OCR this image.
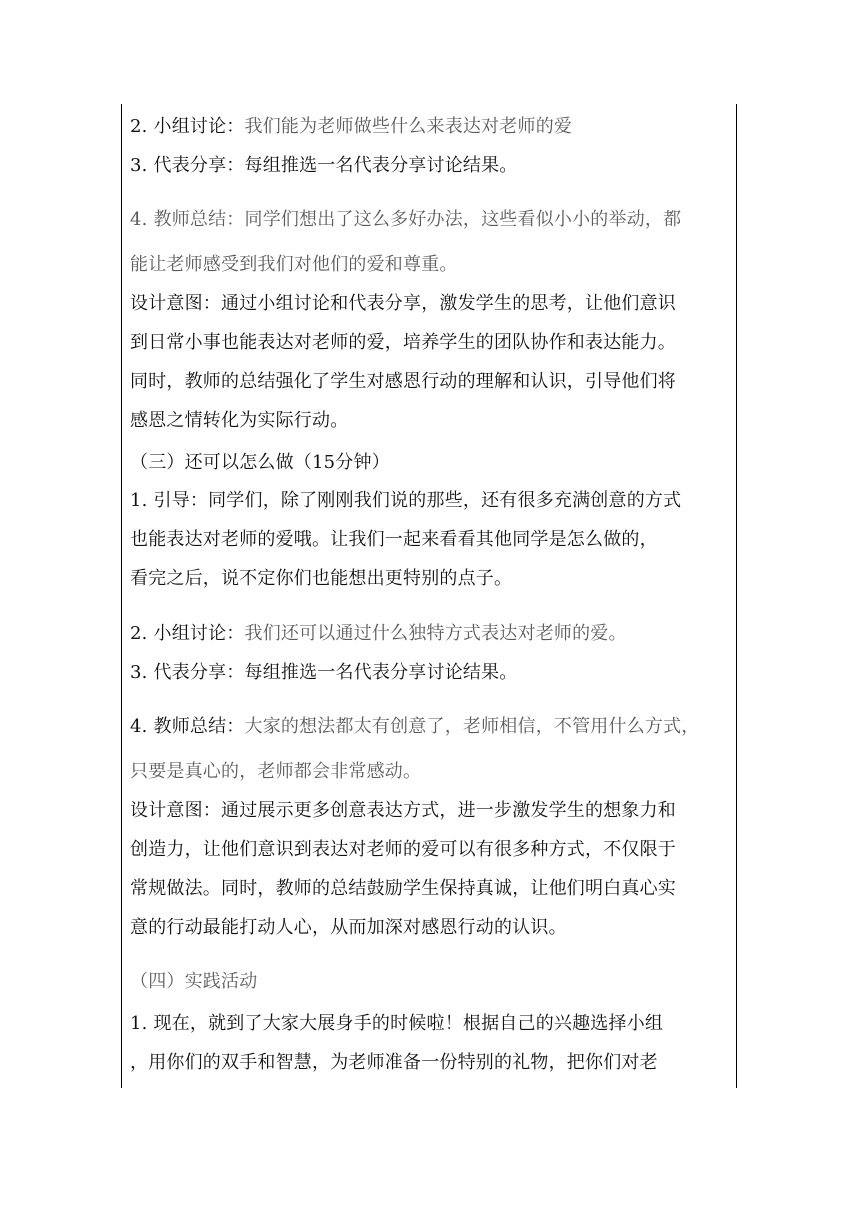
2. 小组讨论：我们能为老师做些什么来表达对老师的爱
3. 代表分享：每组推选一名代表分享讨论结果。
4. 教师总结：同学们想出了这么多好办法，这些看似小小的举动，都
能让老师感受到我们对他们的爱和尊重。
设计意图：通过小组讨论和代表分享，激发学生的思考，让他们意识
到日常小事也能表达对老师的爱，培养学生的团队协作和表达能力。
同时，教师的总结强化了学生对感恩行动的理解和认识，引导他们将
感恩之情转化为实际行动。
（三）还可以怎么做（15分钟）
1. 引导：同学们，除了刚刚我们说的那些，还有很多充满创意的方式
也能表达对老师的爱哦。让我们一起来看看其他同学是怎么做的，
看完之后，说不定你们也能想出更特别的点子。
2. 小组讨论：我们还可以通过什么独特方式表达对老师的爱。
3. 代表分享：每组推选一名代表分享讨论结果。
4. 教师总结：大家的想法都太有创意了，老师相信，不管用什么方式，
只要是真心的，老师都会非常感动。
设计意图：通过展示更多创意表达方式，进一步激发学生的想象力和
创造力，让他们意识到表达对老师的爱可以有很多种方式，不仅限于
常规做法。同时，教师的总结鼓励学生保持真诚，让他们明白真心实
意的行动最能打动人心，从而加深对感恩行动的认识。
（四）实践活动
1. 现在，就到了大家大展身手的时候啦！根据自己的兴趣选择小组
，用你们的双手和智慧，为老师准备一份特别的礼物，把你们对老
